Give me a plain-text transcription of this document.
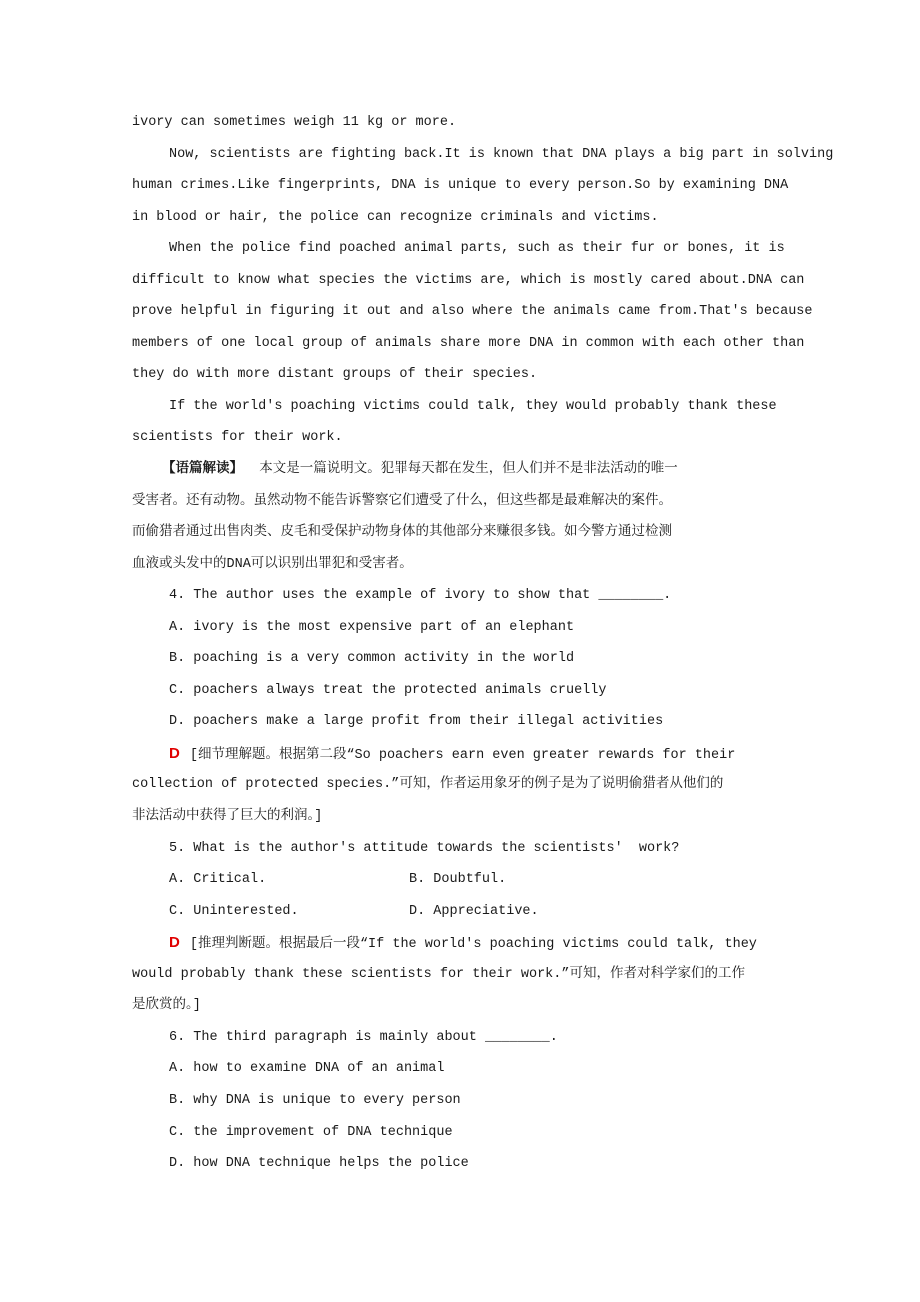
ivory can sometimes weigh 11 kg or more.
Now, scientists are fighting back.It is known that DNA plays a big part in solving
human crimes.Like fingerprints, DNA is unique to every person.So by examining DNA
in blood or hair, the police can recognize criminals and victims.
When the police find poached animal parts, such as their fur or bones, it is
difficult to know what species the victims are, which is mostly cared about.DNA can
prove helpful in figuring it out and also where the animals came from.That's because
members of one local group of animals share more DNA in common with each other than
they do with more distant groups of their species.
If the world's poaching victims could talk, they would probably thank these
scientists for their work.
【语篇解读】  本文是一篇说明文。犯罪每天都在发生，但人们并不是非法活动的唯一
受害者。还有动物。虽然动物不能告诉警察它们遭受了什么，但这些都是最难解决的案件。
而偷猎者通过出售肉类、皮毛和受保护动物身体的其他部分来赚很多钱。如今警方通过检测
血液或头发中的DNA可以识别出罪犯和受害者。
4. The author uses the example of ivory to show that ________.
A. ivory is the most expensive part of an elephant
B. poaching is a very common activity in the world
C. poachers always treat the protected animals cruelly
D. poachers make a large profit from their illegal activities
D [细节理解题。根据第二段“So poachers earn even greater rewards for their
collection of protected species.”可知，作者运用象牙的例子是为了说明偷猎者从他们的
非法活动中获得了巨大的利润。]
5. What is the author's attitude towards the scientists'  work?
A. Critical.	B. Doubtful.
C. Uninterested.	D. Appreciative.
D [推理判断题。根据最后一段“If the world's poaching victims could talk, they
would probably thank these scientists for their work.”可知，作者对科学家们的工作
是欣赏的。]
6. The third paragraph is mainly about ________.
A. how to examine DNA of an animal
B. why DNA is unique to every person
C. the improvement of DNA technique
D. how DNA technique helps the police
